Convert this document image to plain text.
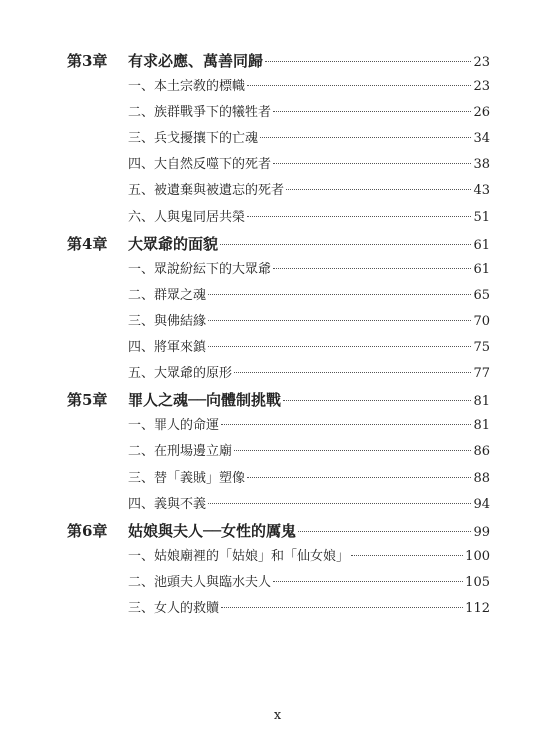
第3章	有求必應、萬善同歸	23
一、本土宗敎的標幟	23
二、族群戰爭下的犧牲者	26
三、兵戈擾攘下的亡魂	34
四、大自然反噬下的死者	38
五、被遺棄與被遺忘的死者	43
六、人與鬼同居共榮	51
第4章	大眾爺的面貌	61
一、眾說紛紜下的大眾爺	61
二、群眾之魂	65
三、與佛結緣	70
四、將軍來鎮	75
五、大眾爺的原形	77
第5章	罪人之魂──向體制挑戰	81
一、罪人的命運	81
二、在刑場邊立廟	86
三、替「義賊」塑像	88
四、義與不義	94
第6章	姑娘與夫人──女性的厲鬼	99
一、姑娘廟裡的「姑娘」和「仙女娘」	100
二、池頭夫人與臨水夫人	105
三、女人的救贖	112
x
